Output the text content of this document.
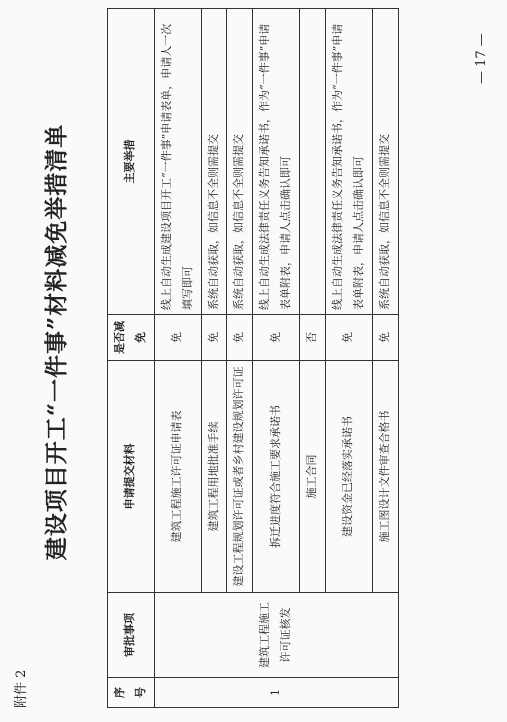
附件 2
建设项目开工“一件事”材料减免举措清单
序号	审批事项	申请提交材料	是否减免	主要举措
1	建筑工程施工许可证核发	建筑工程施工许可证申请表	免	线上自动生成建设项目开工“一件事”申请表单，申请人一次填写即可
		建筑工程用地批准手续	免	系统自动获取，如信息不全则需提交
		建设工程规划许可证或者乡村建设规划许可证	免	系统自动获取，如信息不全则需提交
		拆迁进度符合施工要求承诺书	免	线上自动生成法律责任义务告知承诺书，作为“一件事”申请表单附表，申请人点击确认即可
		施工合同	否	
		建设资金已经落实承诺书	免	线上自动生成法律责任义务告知承诺书，作为“一件事”申请表单附表，申请人点击确认即可
		施工图设计文件审查合格书	免	系统自动获取，如信息不全则需提交
— 17 —
